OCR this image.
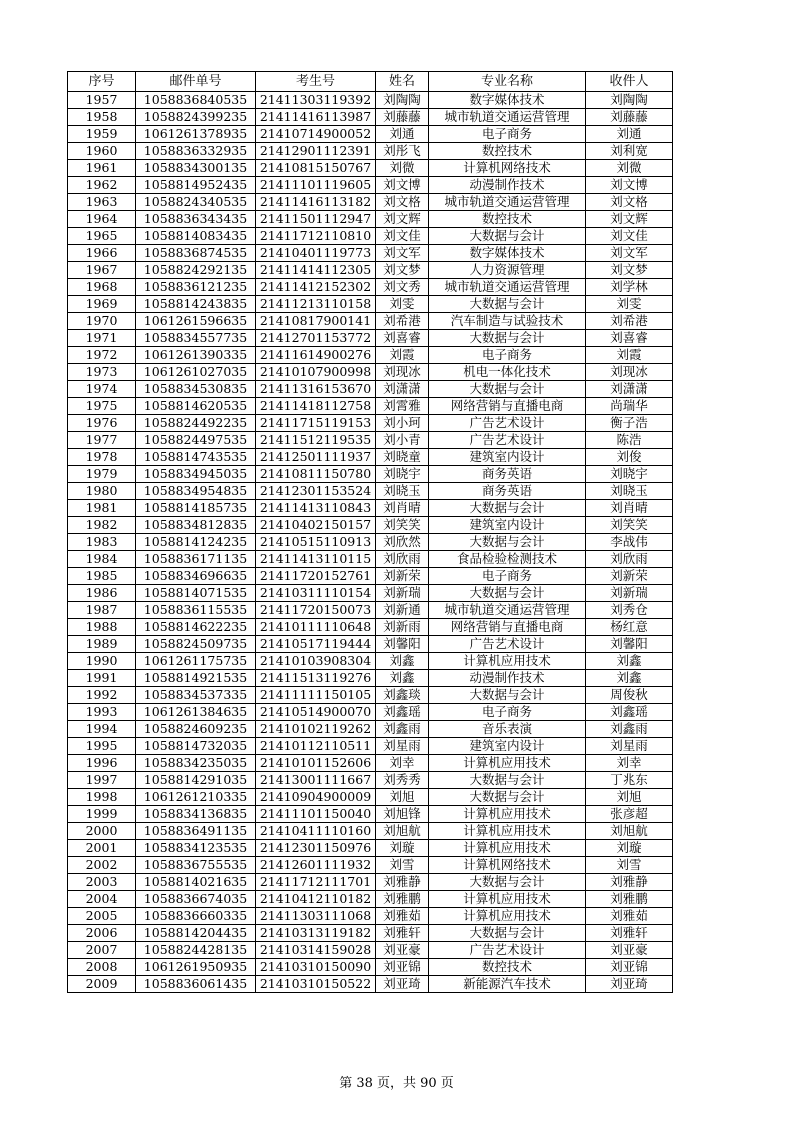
序号	邮件单号	考生号	姓名	专业名称	收件人
1957	1058836840535	21411303119392	刘陶陶	数字媒体技术	刘陶陶
1958	1058824399235	21411416113987	刘藤藤	城市轨道交通运营管理	刘藤藤
1959	1061261378935	21410714900052	刘通	电子商务	刘通
1960	1058836332935	21412901112391	刘彤飞	数控技术	刘利宽
1961	1058834300135	21410815150767	刘微	计算机网络技术	刘微
1962	1058814952435	21411101119605	刘文博	动漫制作技术	刘文博
1963	1058824340535	21411416113182	刘文格	城市轨道交通运营管理	刘文格
1964	1058836343435	21411501112947	刘文辉	数控技术	刘文辉
1965	1058814083435	21411712110810	刘文佳	大数据与会计	刘文佳
1966	1058836874535	21410401119773	刘文军	数字媒体技术	刘文军
1967	1058824292135	21411414112305	刘文梦	人力资源管理	刘文梦
1968	1058836121235	21411412152302	刘文秀	城市轨道交通运营管理	刘学林
1969	1058814243835	21411213110158	刘雯	大数据与会计	刘雯
1970	1061261596635	21410817900141	刘希港	汽车制造与试验技术	刘希港
1971	1058834557735	21412701153772	刘喜睿	大数据与会计	刘喜睿
1972	1061261390335	21411614900276	刘霞	电子商务	刘霞
1973	1061261027035	21410107900998	刘现冰	机电一体化技术	刘现冰
1974	1058834530835	21411316153670	刘潇潇	大数据与会计	刘潇潇
1975	1058814620535	21411418112758	刘霄雅	网络营销与直播电商	尚瑞华
1976	1058824492235	21411715119153	刘小珂	广告艺术设计	衡子浩
1977	1058824497535	21411512119535	刘小青	广告艺术设计	陈浩
1978	1058814743535	21412501111937	刘晓童	建筑室内设计	刘俊
1979	1058834945035	21410811150780	刘晓宇	商务英语	刘晓宇
1980	1058834954835	21412301153524	刘晓玉	商务英语	刘晓玉
1981	1058814185735	21411413110843	刘肖晴	大数据与会计	刘肖晴
1982	1058834812835	21410402150157	刘笑笑	建筑室内设计	刘笑笑
1983	1058814124235	21410515110913	刘欣然	大数据与会计	李战伟
1984	1058836171135	21411413110115	刘欣雨	食品检验检测技术	刘欣雨
1985	1058834696635	21411720152761	刘新荣	电子商务	刘新荣
1986	1058814071535	21410311110154	刘新瑞	大数据与会计	刘新瑞
1987	1058836115535	21411720150073	刘新通	城市轨道交通运营管理	刘秀仓
1988	1058814622235	21410111110648	刘新雨	网络营销与直播电商	杨红意
1989	1058824509735	21410517119444	刘馨阳	广告艺术设计	刘馨阳
1990	1061261175735	21410103908304	刘鑫	计算机应用技术	刘鑫
1991	1058814921535	21411513119276	刘鑫	动漫制作技术	刘鑫
1992	1058834537335	21411111150105	刘鑫琰	大数据与会计	周俊秋
1993	1061261384635	21410514900070	刘鑫瑶	电子商务	刘鑫瑶
1994	1058824609235	21410102119262	刘鑫雨	音乐表演	刘鑫雨
1995	1058814732035	21410112110511	刘星雨	建筑室内设计	刘星雨
1996	1058834235035	21410101152606	刘幸	计算机应用技术	刘幸
1997	1058814291035	21413001111667	刘秀秀	大数据与会计	丁兆东
1998	1061261210335	21410904900009	刘旭	大数据与会计	刘旭
1999	1058834136835	21411101150040	刘旭锋	计算机应用技术	张彦超
2000	1058836491135	21410411110160	刘旭航	计算机应用技术	刘旭航
2001	1058834123535	21412301150976	刘璇	计算机应用技术	刘璇
2002	1058836755535	21412601111932	刘雪	计算机网络技术	刘雪
2003	1058814021635	21411712111701	刘雅静	大数据与会计	刘雅静
2004	1058836674035	21410412110182	刘雅鹏	计算机应用技术	刘雅鹏
2005	1058836660335	21411303111068	刘雅茹	计算机应用技术	刘雅茹
2006	1058814204435	21410313119182	刘雅轩	大数据与会计	刘雅轩
2007	1058824428135	21410314159028	刘亚豪	广告艺术设计	刘亚豪
2008	1061261950935	21410310150090	刘亚锦	数控技术	刘亚锦
2009	1058836061435	21410310150522	刘亚琦	新能源汽车技术	刘亚琦
第 38 页，共 90 页
